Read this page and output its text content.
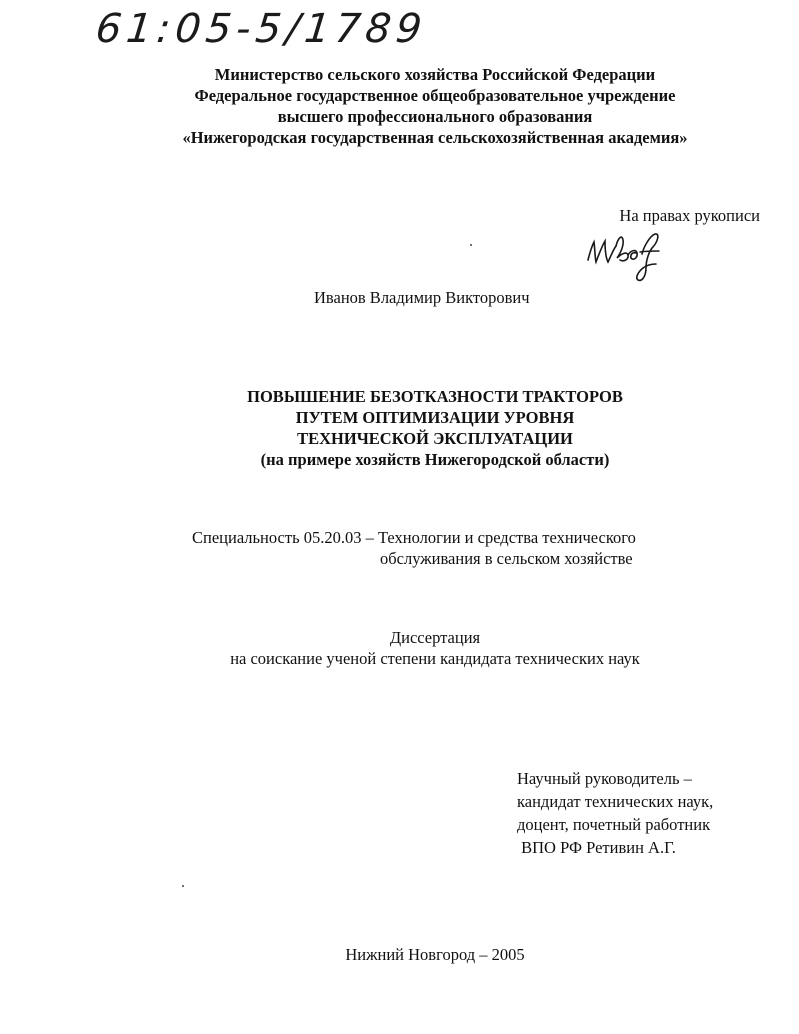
61:05-5/1789
Министерство сельского хозяйства Российской Федерации
Федеральное государственное общеобразовательное учреждение
высшего профессионального образования
«Нижегородская государственная сельскохозяйственная академия»
На правах рукописи
Иванов Владимир Викторович
ПОВЫШЕНИЕ БЕЗОТКАЗНОСТИ ТРАКТОРОВ
ПУТЕМ ОПТИМИЗАЦИИ УРОВНЯ
ТЕХНИЧЕСКОЙ ЭКСПЛУАТАЦИИ
(на примере хозяйств Нижегородской области)
Специальность 05.20.03 – Технологии и средства технического
обслуживания в сельском хозяйстве
Диссертация
на соискание ученой степени кандидата технических наук
Научный руководитель –
кандидат технических наук,
доцент, почетный работник
ВПО РФ Ретивин А.Г.
Нижний Новгород – 2005
